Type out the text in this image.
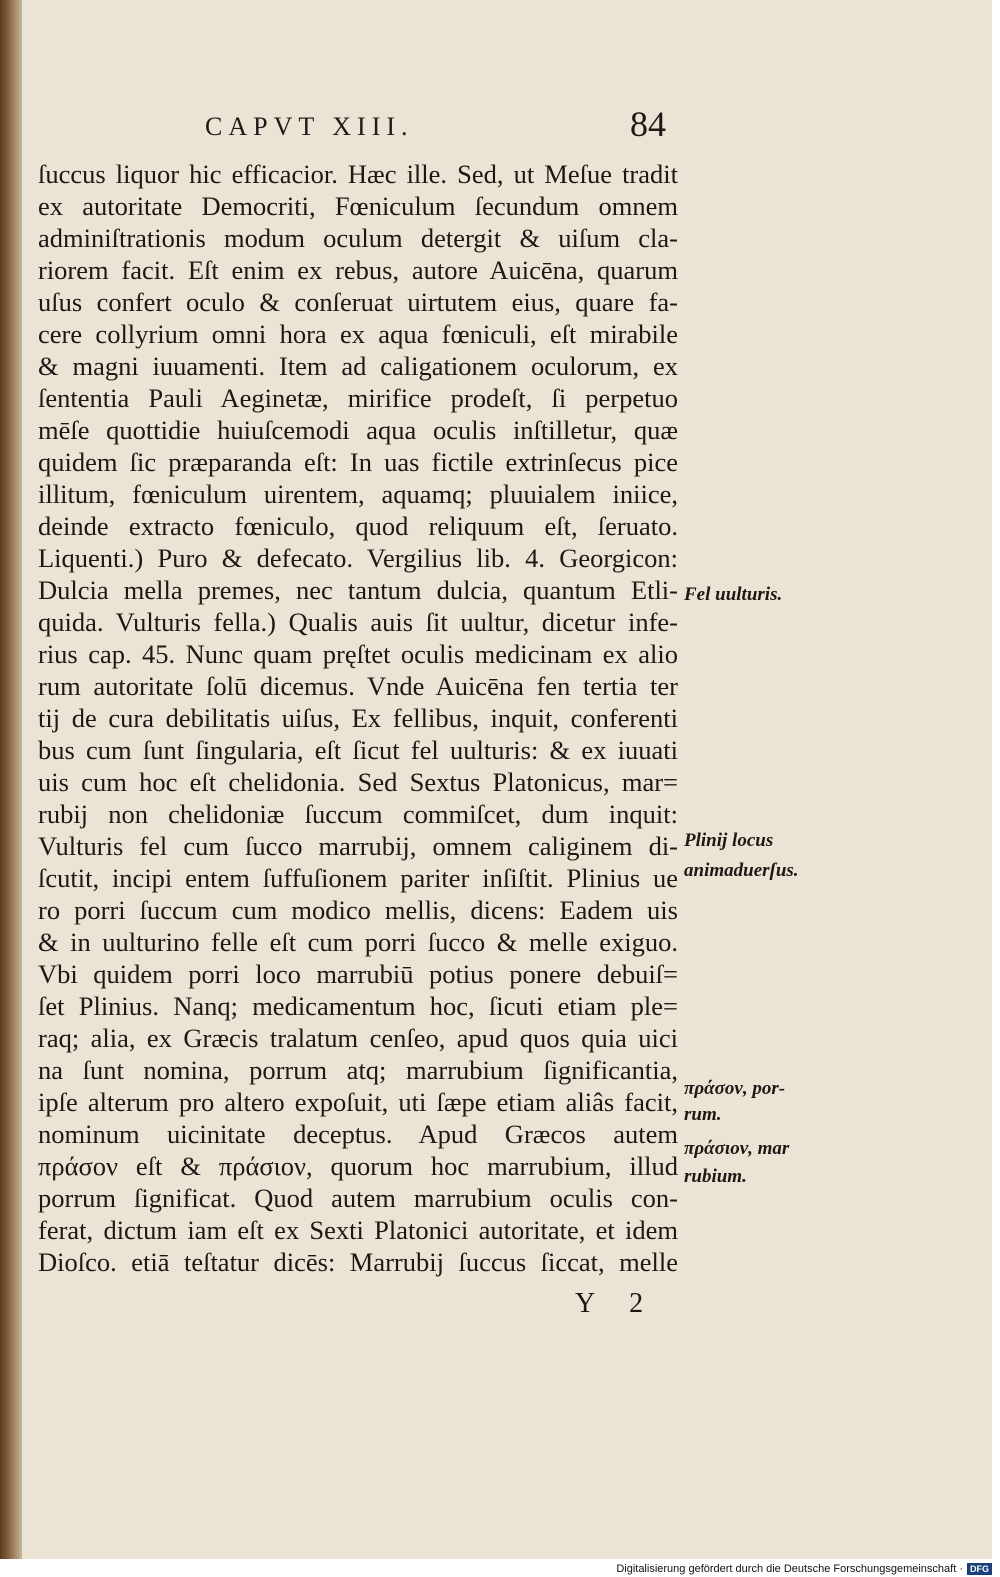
CAPVT XIII.	84
ſuccus liquor hic efficacior. Hæc ille. Sed, ut Meſue tradit
ex autoritate Democriti, Fœniculum ſecundum omnem
adminiſtrationis modum oculum detergit & uiſum cla-
riorem facit. Eſt enim ex rebus, autore Auicēna, quarum
uſus confert oculo & conſeruat uirtutem eius, quare fa-
cere collyrium omni hora ex aqua fœniculi, eſt mirabile
& magni iuuamenti. Item ad caligationem oculorum, ex
ſententia Pauli Aeginetæ, mirifice prodeſt, ſi perpetuo
mēſe quottidie huiuſcemodi aqua oculis inſtilletur, quæ
quidem ſic præparanda eſt: In uas fictile extrinſecus pice
illitum, fœniculum uirentem, aquamq; pluuialem iniice,
deinde extracto fœniculo, quod reliquum eſt, ſeruato.
Liquenti.) Puro & defecato. Vergilius lib. 4. Georgicon:
Dulcia mella premes, nec tantum dulcia, quantum Etli-
quida. Vulturis fella.) Qualis auis ſit uultur, dicetur infe-
rius cap. 45. Nunc quam pręſtet oculis medicinam ex alio
rum autoritate ſolū dicemus. Vnde Auicēna fen tertia ter
tij de cura debilitatis uiſus, Ex fellibus, inquit, conferenti
bus cum ſunt ſingularia, eſt ſicut fel uulturis: & ex iuuati
uis cum hoc eſt chelidonia. Sed Sextus Platonicus, mar=
rubij non chelidoniæ ſuccum commiſcet, dum inquit:
Vulturis fel cum ſucco marrubij, omnem caliginem di-
ſcutit, incipi entem ſuffuſionem pariter inſiſtit. Plinius ue
ro porri ſuccum cum modico mellis, dicens: Eadem uis
& in uulturino felle eſt cum porri ſucco & melle exiguo.
Vbi quidem porri loco marrubiū potius ponere debuiſ=
ſet Plinius. Nanq; medicamentum hoc, ſicuti etiam ple=
raq; alia, ex Græcis tralatum cenſeo, apud quos quia uici
na ſunt nomina, porrum atq; marrubium ſignificantia,
ipſe alterum pro altero expoſuit, uti ſæpe etiam aliâs facit,
nominum uicinitate deceptus. Apud Græcos autem
πράσον eſt & πράσιον, quorum hoc marrubium, illud
porrum ſignificat. Quod autem marrubium oculis con-
ferat, dictum iam eſt ex Sexti Platonici autoritate, et idem
Dioſco. etiā teſtatur dicēs: Marrubij ſuccus ſiccat, melle
Fel uulturis.
Plinij locus
animaduerſus.
πράσον, por-
rum.
πράσιον, mar
rubium.
Y 2
Digitalisierung gefördert durch die Deutsche Forschungsgemeinschaft · DFG
